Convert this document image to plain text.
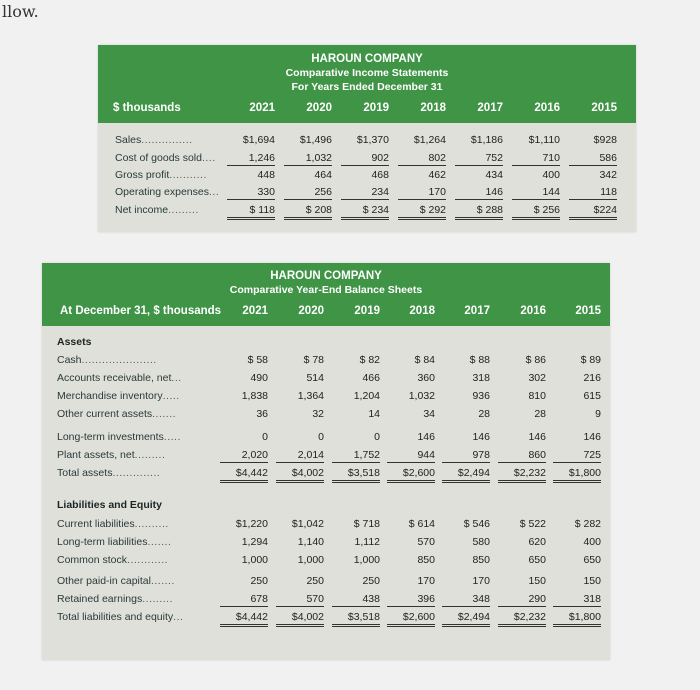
llow.
HAROUN COMPANY
Comparative Income Statements
For Years Ended December 31
$ thousands	2021	2020	2019	2018	2017	2016	2015
Sales...............	$1,694	$1,496	$1,370	$1,264	$1,186	$1,110	$928
Cost of goods sold....	1,246	1,032	902	802	752	710	586
Gross profit...........	448	464	468	462	434	400	342
Operating expenses...	330	256	234	170	146	144	118
Net income.........	$ 118	$ 208	$ 234	$ 292	$ 288	$ 256	$224
HAROUN COMPANY
Comparative Year-End Balance Sheets
At December 31, $ thousands	2021	2020	2019	2018	2017	2016	2015
Assets
Cash......................	$ 58	$ 78	$ 82	$ 84	$ 88	$ 86	$ 89
Accounts receivable, net...	490	514	466	360	318	302	216
Merchandise inventory.....	1,838	1,364	1,204	1,032	936	810	615
Other current assets.......	36	32	14	34	28	28	9
Long-term investments.....	0	0	0	146	146	146	146
Plant assets, net.........	2,020	2,014	1,752	944	978	860	725
Total assets..............	$4,442	$4,002	$3,518	$2,600	$2,494	$2,232	$1,800
Liabilities and Equity
Current liabilities..........	$1,220	$1,042	$ 718	$ 614	$ 546	$ 522	$ 282
Long-term liabilities.......	1,294	1,140	1,112	570	580	620	400
Common stock............	1,000	1,000	1,000	850	850	650	650
Other paid-in capital.......	250	250	250	170	170	150	150
Retained earnings.........	678	570	438	396	348	290	318
Total liabilities and equity...	$4,442	$4,002	$3,518	$2,600	$2,494	$2,232	$1,800
